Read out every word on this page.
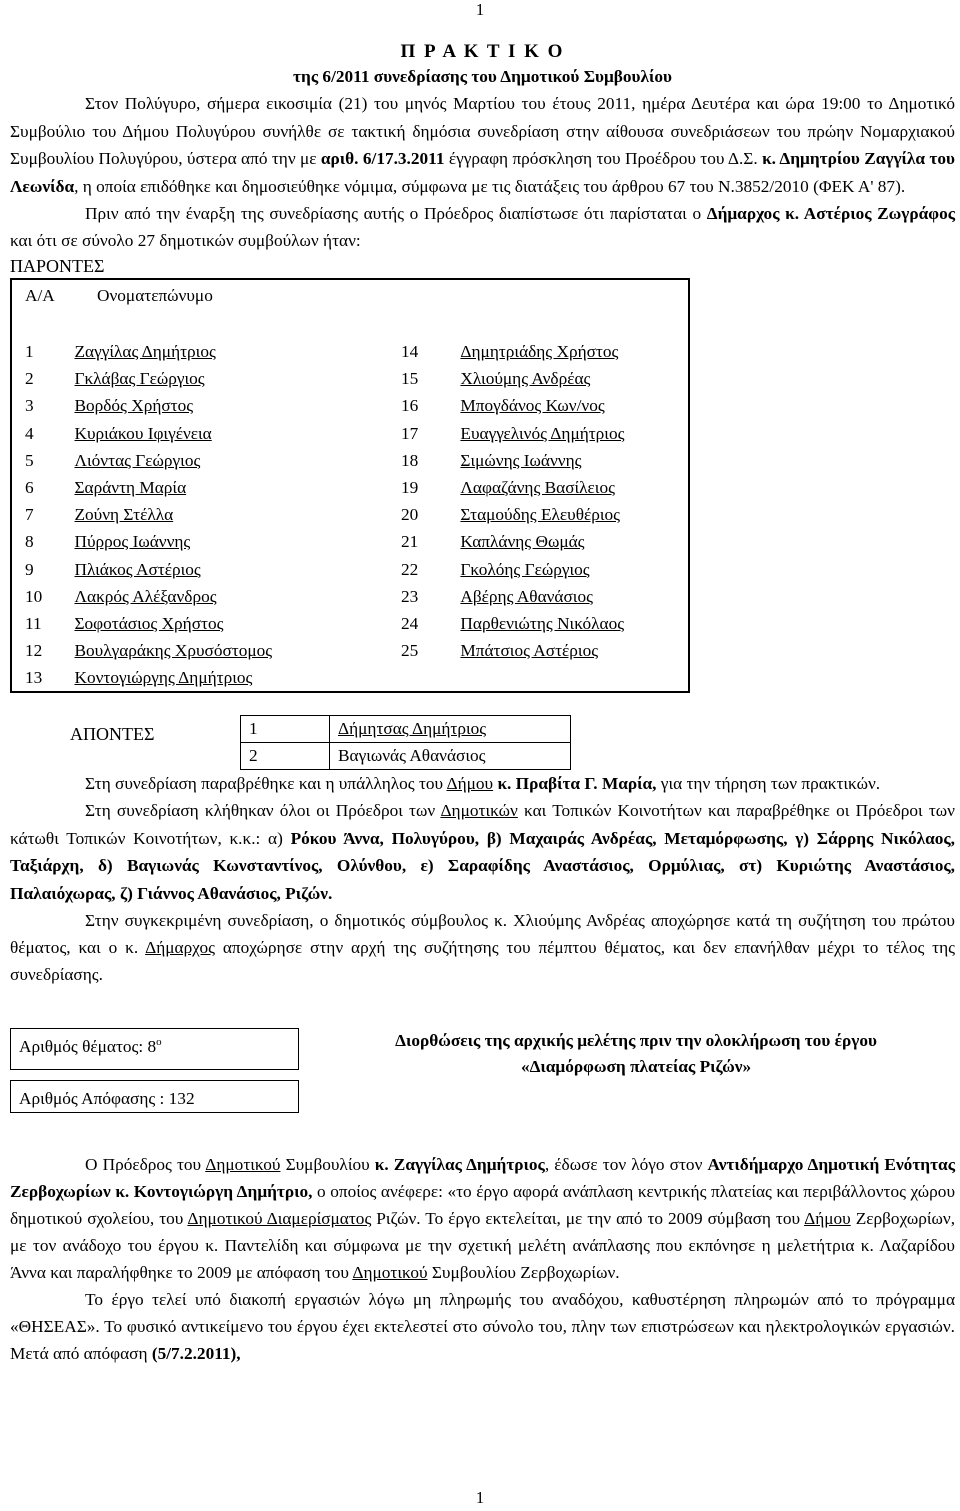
1
Π Ρ Α Κ Τ Ι Κ Ο
της 6/2011 συνεδρίασης του Δημοτικού Συμβουλίου
Στον Πολύγυρο, σήμερα εικοσιμία (21) του μηνός Μαρτίου του έτους 2011, ημέρα Δευτέρα και ώρα 19:00 το Δημοτικό Συμβούλιο του Δήμου Πολυγύρου συνήλθε σε τακτική δημόσια συνεδρίαση στην αίθουσα συνεδριάσεων του πρώην Νομαρχιακού Συμβουλίου Πολυγύρου, ύστερα από την με αριθ. 6/17.3.2011 έγγραφη πρόσκληση του Προέδρου του Δ.Σ. κ. Δημητρίου Ζαγγίλα του Λεωνίδα, η οποία επιδόθηκε και δημοσιεύθηκε νόμιμα, σύμφωνα με τις διατάξεις του άρθρου 67 του Ν.3852/2010 (ΦΕΚ Α' 87).
Πριν από την έναρξη της συνεδρίασης αυτής ο Πρόεδρος διαπίστωσε ότι παρίσταται ο Δήμαρχος κ. Αστέριος Ζωγράφος και ότι σε σύνολο 27 δημοτικών συμβούλων ήταν:
ΠΑΡΟΝΤΕΣ
Α/Α	Ονοματεπώνυμο
1	Ζαγγίλας Δημήτριος	14	Δημητριάδης Χρήστος
2	Γκλάβας Γεώργιος	15	Χλιούμης Ανδρέας
3	Βορδός Χρήστος	16	Μπογδάνος Κων/νος
4	Κυριάκου Ιφιγένεια	17	Ευαγγελινός Δημήτριος
5	Λιόντας Γεώργιος	18	Σιμώνης Ιωάννης
6	Σαράντη Μαρία	19	Λαφαζάνης Βασίλειος
7	Ζούνη Στέλλα	20	Σταμούδης Ελευθέριος
8	Πύρρος Ιωάννης	21	Καπλάνης Θωμάς
9	Πλιάκος Αστέριος	22	Γκολόης Γεώργιος
10	Λακρός Αλέξανδρος	23	Αβέρης Αθανάσιος
11	Σοφοτάσιος Χρήστος	24	Παρθενιώτης Νικόλαος
12	Βουλγαράκης Χρυσόστομος	25	Μπάτσιος Αστέριος
13	Κοντογιώργης Δημήτριος
ΑΠΟΝΤΕΣ	1	Δήμητσας Δημήτριος
2	Βαγιωνάς Αθανάσιος
Στη συνεδρίαση παραβρέθηκε και η υπάλληλος του Δήμου κ. Πραβίτα Γ. Μαρία, για την τήρηση των πρακτικών.
Στη συνεδρίαση κλήθηκαν όλοι οι Πρόεδροι των Δημοτικών και Τοπικών Κοινοτήτων και παραβρέθηκε οι Πρόεδροι των κάτωθι Τοπικών Κοινοτήτων, κ.κ.: α) Ρόκου Άννα, Πολυγύρου, β) Μαχαιράς Ανδρέας, Μεταμόρφωσης, γ) Σάρρης Νικόλαος, Ταξιάρχη, δ) Βαγιωνάς Κωνσταντίνος, Ολύνθου, ε) Σαραφίδης Αναστάσιος, Ορμύλιας, στ) Κυριώτης Αναστάσιος, Παλαιόχωρας, ζ) Γιάννος Αθανάσιος, Ριζών.
Στην συγκεκριμένη συνεδρίαση, ο δημοτικός σύμβουλος κ. Χλιούμης Ανδρέας αποχώρησε κατά τη συζήτηση του πρώτου θέματος, και ο κ. Δήμαρχος αποχώρησε στην αρχή της συζήτησης του πέμπτου θέματος, και δεν επανήλθαν μέχρι το τέλος της συνεδρίασης.
Αριθμός θέματος: $8^o$
Αριθμός Απόφασης : 132
Διορθώσεις της αρχικής μελέτης πριν την ολοκλήρωση του έργου
«Διαμόρφωση πλατείας Ριζών»
Ο Πρόεδρος του Δημοτικού Συμβουλίου κ. Ζαγγίλας Δημήτριος, έδωσε τον λόγο στον Αντιδήμαρχο Δημοτική Ενότητας Ζερβοχωρίων κ. Κοντογιώργη Δημήτριο, ο οποίος ανέφερε: «το έργο αφορά ανάπλαση κεντρικής πλατείας και περιβάλλοντος χώρου δημοτικού σχολείου, του Δημοτικού Διαμερίσματος Ριζών. Το έργο εκτελείται, με την από το 2009 σύμβαση του Δήμου Ζερβοχωρίων, με τον ανάδοχο του έργου κ. Παντελίδη και σύμφωνα με την σχετική μελέτη ανάπλασης που εκπόνησε η μελετήτρια κ. Λαζαρίδου Άννα και παραλήφθηκε το 2009 με απόφαση του Δημοτικού Συμβουλίου Ζερβοχωρίων.
Το έργο τελεί υπό διακοπή εργασιών λόγω μη πληρωμής του αναδόχου, καθυστέρηση πληρωμών από το πρόγραμμα «ΘΗΣΕΑΣ». Το φυσικό αντικείμενο του έργου έχει εκτελεστεί στο σύνολο του, πλην των επιστρώσεων και ηλεκτρολογικών εργασιών. Μετά από απόφαση (5/7.2.2011),
1
